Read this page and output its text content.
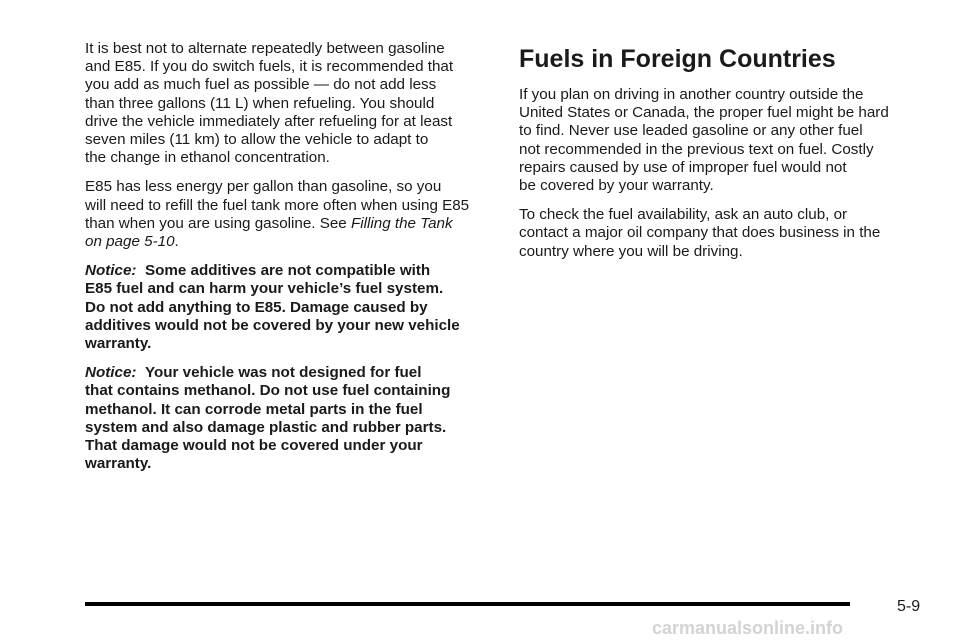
It is best not to alternate repeatedly between gasoline
and E85. If you do switch fuels, it is recommended that
you add as much fuel as possible — do not add less
than three gallons (11 L) when refueling. You should
drive the vehicle immediately after refueling for at least
seven miles (11 km) to allow the vehicle to adapt to
the change in ethanol concentration.

E85 has less energy per gallon than gasoline, so you
will need to refill the fuel tank more often when using E85
than when you are using gasoline. See Filling the Tank
on page 5-10.

Notice: Some additives are not compatible with
E85 fuel and can harm your vehicle’s fuel system.
Do not add anything to E85. Damage caused by
additives would not be covered by your new vehicle
warranty.

Notice: Your vehicle was not designed for fuel
that contains methanol. Do not use fuel containing
methanol. It can corrode metal parts in the fuel
system and also damage plastic and rubber parts.
That damage would not be covered under your
warranty.

Fuels in Foreign Countries

If you plan on driving in another country outside the
United States or Canada, the proper fuel might be hard
to find. Never use leaded gasoline or any other fuel
not recommended in the previous text on fuel. Costly
repairs caused by use of improper fuel would not
be covered by your warranty.

To check the fuel availability, ask an auto club, or
contact a major oil company that does business in the
country where you will be driving.

5-9
carmanualsonline.info
